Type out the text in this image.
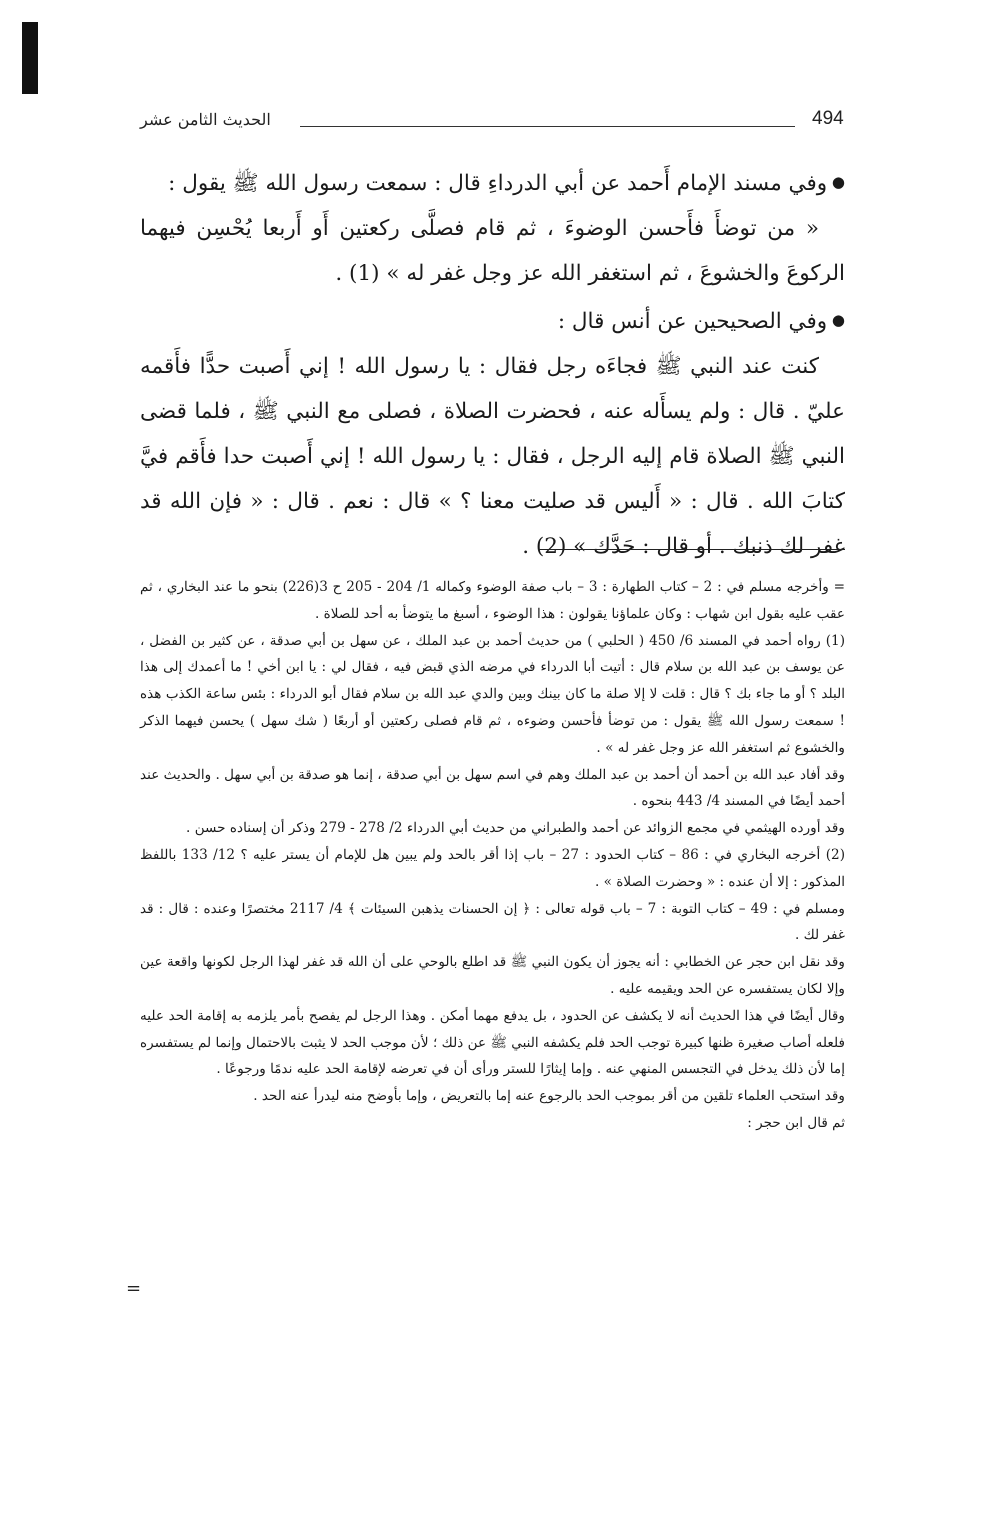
494
الحديث الثامن عشر

● وفي مسند الإمام أَحمد عن أبي الدرداءِ قال : سمعت رسول الله ﷺ يقول :

« من توضأَ فأَحسن الوضوءَ ، ثم قام فصلَّى ركعتين أَو أَربعا يُحْسِن فيهما الركوعَ والخشوعَ ، ثم استغفر الله عز وجل غفر له » (1) .

● وفي الصحيحين عن أنس قال :

كنت عند النبي ﷺ فجاءَه رجل فقال : يا رسول الله ! إني أَصبت حدًّا فأَقمه عليّ . قال : ولم يسأَله عنه ، فحضرت الصلاة ، فصلى مع النبي ﷺ ، فلما قضى النبي ﷺ الصلاة قام إليه الرجل ، فقال : يا رسول الله ! إني أَصبت حدا فأَقم فيَّ كتابَ الله . قال : « أَليس قد صليت معنا ؟ » قال : نعم . قال : « فإن الله قد غفر لك ذنبك . أو قال : حَدَّك » (2) .

= وأخرجه مسلم في : 2 – كتاب الطهارة : 3 – باب صفة الوضوء وكماله 1/ 204 - 205 ح 3(226) بنحو ما عند البخاري ، ثم عقب عليه بقول ابن شهاب : وكان علماؤنا يقولون : هذا الوضوء ، أسبغ ما يتوضأ به أحد للصلاة .

(1) رواه أحمد في المسند 6/ 450 ( الحلبي ) من حديث أحمد بن عبد الملك ، عن سهل بن أبي صدقة ، عن كثير بن الفضل ، عن يوسف بن عبد الله بن سلام قال : أتيت أبا الدرداء في مرضه الذي قبض فيه ، فقال لي : يا ابن أخي ! ما أعمدك إلى هذا البلد ؟ أو ما جاء بك ؟ قال : قلت لا إلا صلة ما كان بينك وبين والدي عبد الله بن سلام فقال أبو الدرداء : بئس ساعة الكذب هذه ! سمعت رسول الله ﷺ يقول : من توضأ فأحسن وضوءه ، ثم قام فصلى ركعتين أو أربعًا ( شك سهل ) يحسن فيهما الذكر والخشوع ثم استغفر الله عز وجل غفر له » .

وقد أفاد عبد الله بن أحمد أن أحمد بن عبد الملك وهم في اسم سهل بن أبي صدقة ، إنما هو صدقة بن أبي سهل . والحديث عند أحمد أيضًا في المسند 4/ 443 بنحوه .

وقد أورده الهيثمي في مجمع الزوائد عن أحمد والطبراني من حديث أبي الدرداء 2/ 278 - 279 وذكر أن إسناده حسن .

(2) أخرجه البخاري في : 86 – كتاب الحدود : 27 – باب إذا أقر بالحد ولم يبين هل للإمام أن يستر عليه ؟ 12/ 133 باللفظ المذكور : إلا أن عنده : « وحضرت الصلاة » .

ومسلم في : 49 – كتاب التوبة : 7 – باب قوله تعالى : ﴿ إن الحسنات يذهبن السيئات ﴾ 4/ 2117 مختصرًا وعنده : قال : قد غفر لك .

وقد نقل ابن حجر عن الخطابي : أنه يجوز أن يكون النبي ﷺ قد اطلع بالوحي على أن الله قد غفر لهذا الرجل لكونها واقعة عين وإلا لكان يستفسره عن الحد ويقيمه عليه .

وقال أيضًا في هذا الحديث أنه لا يكشف عن الحدود ، بل يدفع مهما أمكن . وهذا الرجل لم يفصح بأمر يلزمه به إقامة الحد عليه فلعله أصاب صغيرة ظنها كبيرة توجب الحد فلم يكشفه النبي ﷺ عن ذلك ؛ لأن موجب الحد لا يثبت بالاحتمال وإنما لم يستفسره إما لأن ذلك يدخل في التجسس المنهي عنه . وإما إيثارًا للستر ورأى أن في تعرضه لإقامة الحد عليه ندمًا ورجوعًا .

وقد استحب العلماء تلقين من أقر بموجب الحد بالرجوع عنه إما بالتعريض ، وإما بأوضح منه ليدرأ عنه الحد .

ثم قال ابن حجر :

=
